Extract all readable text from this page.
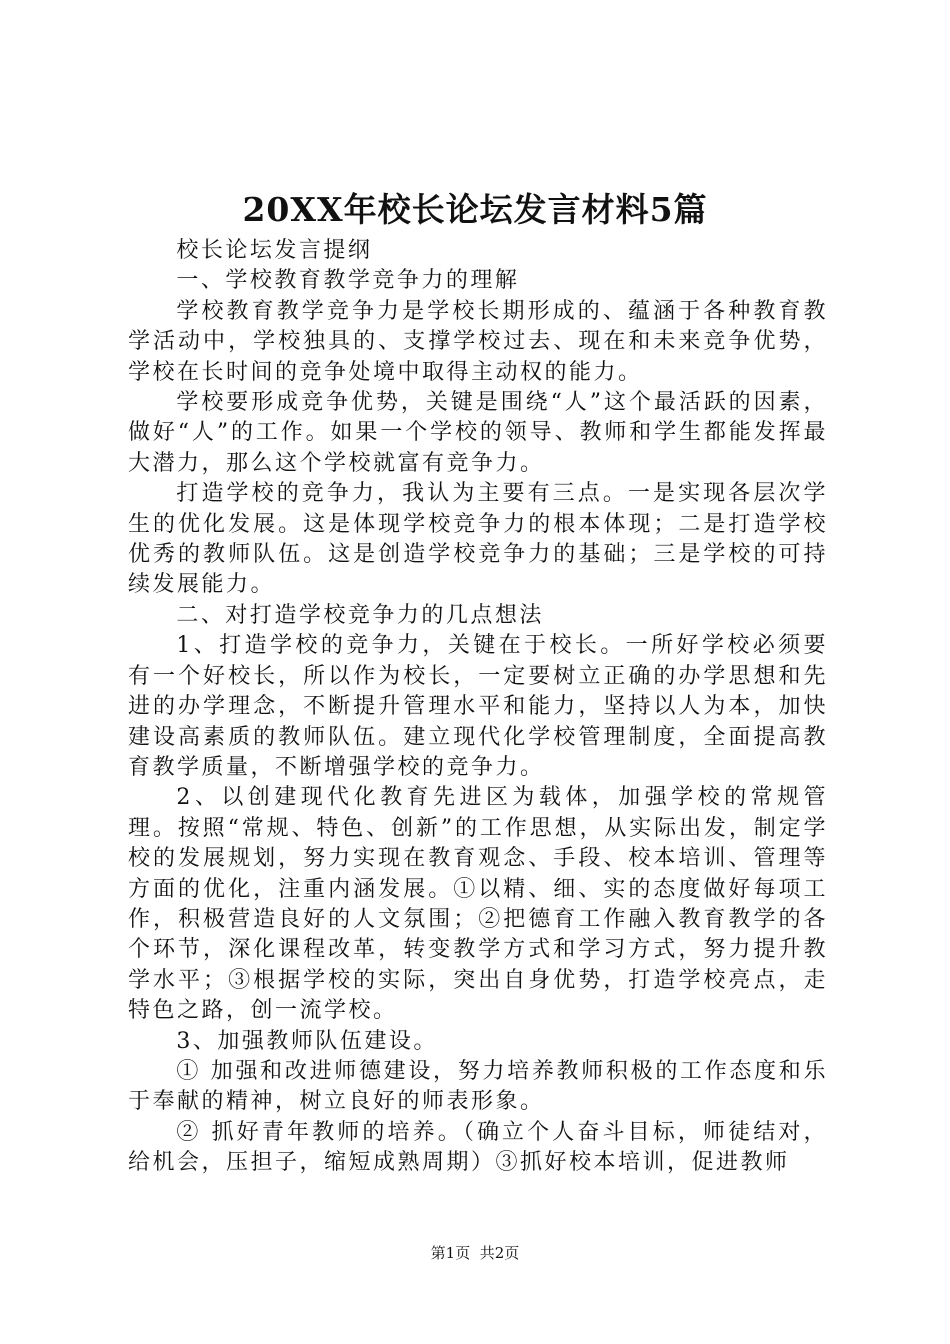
20XX年校长论坛发言材料5篇

校长论坛发言提纲

一、学校教育教学竞争力的理解

学校教育教学竞争力是学校长期形成的、蕴涵于各种教育教学活动中，学校独具的、支撑学校过去、现在和未来竞争优势，学校在长时间的竞争处境中取得主动权的能力。

学校要形成竞争优势，关键是围绕“人”这个最活跃的因素，做好“人”的工作。如果一个学校的领导、教师和学生都能发挥最大潜力，那么这个学校就富有竞争力。

打造学校的竞争力，我认为主要有三点。一是实现各层次学生的优化发展。这是体现学校竞争力的根本体现；二是打造学校优秀的教师队伍。这是创造学校竞争力的基础；三是学校的可持续发展能力。

二、对打造学校竞争力的几点想法

1、打造学校的竞争力，关键在于校长。一所好学校必须要有一个好校长，所以作为校长，一定要树立正确的办学思想和先进的办学理念，不断提升管理水平和能力，坚持以人为本，加快建设高素质的教师队伍。建立现代化学校管理制度，全面提高教育教学质量，不断增强学校的竞争力。

2、以创建现代化教育先进区为载体，加强学校的常规管理。按照“常规、特色、创新”的工作思想，从实际出发，制定学校的发展规划，努力实现在教育观念、手段、校本培训、管理等方面的优化，注重内涵发展。①以精、细、实的态度做好每项工作，积极营造良好的人文氛围；②把德育工作融入教育教学的各个环节，深化课程改革，转变教学方式和学习方式，努力提升教学水平；③根据学校的实际，突出自身优势，打造学校亮点，走特色之路，创一流学校。

3、加强教师队伍建设。

① 加强和改进师德建设，努力培养教师积极的工作态度和乐于奉献的精神，树立良好的师表形象。

② 抓好青年教师的培养。（确立个人奋斗目标，师徒结对，给机会，压担子，缩短成熟周期）③抓好校本培训，促进教师

第1页 共2页
